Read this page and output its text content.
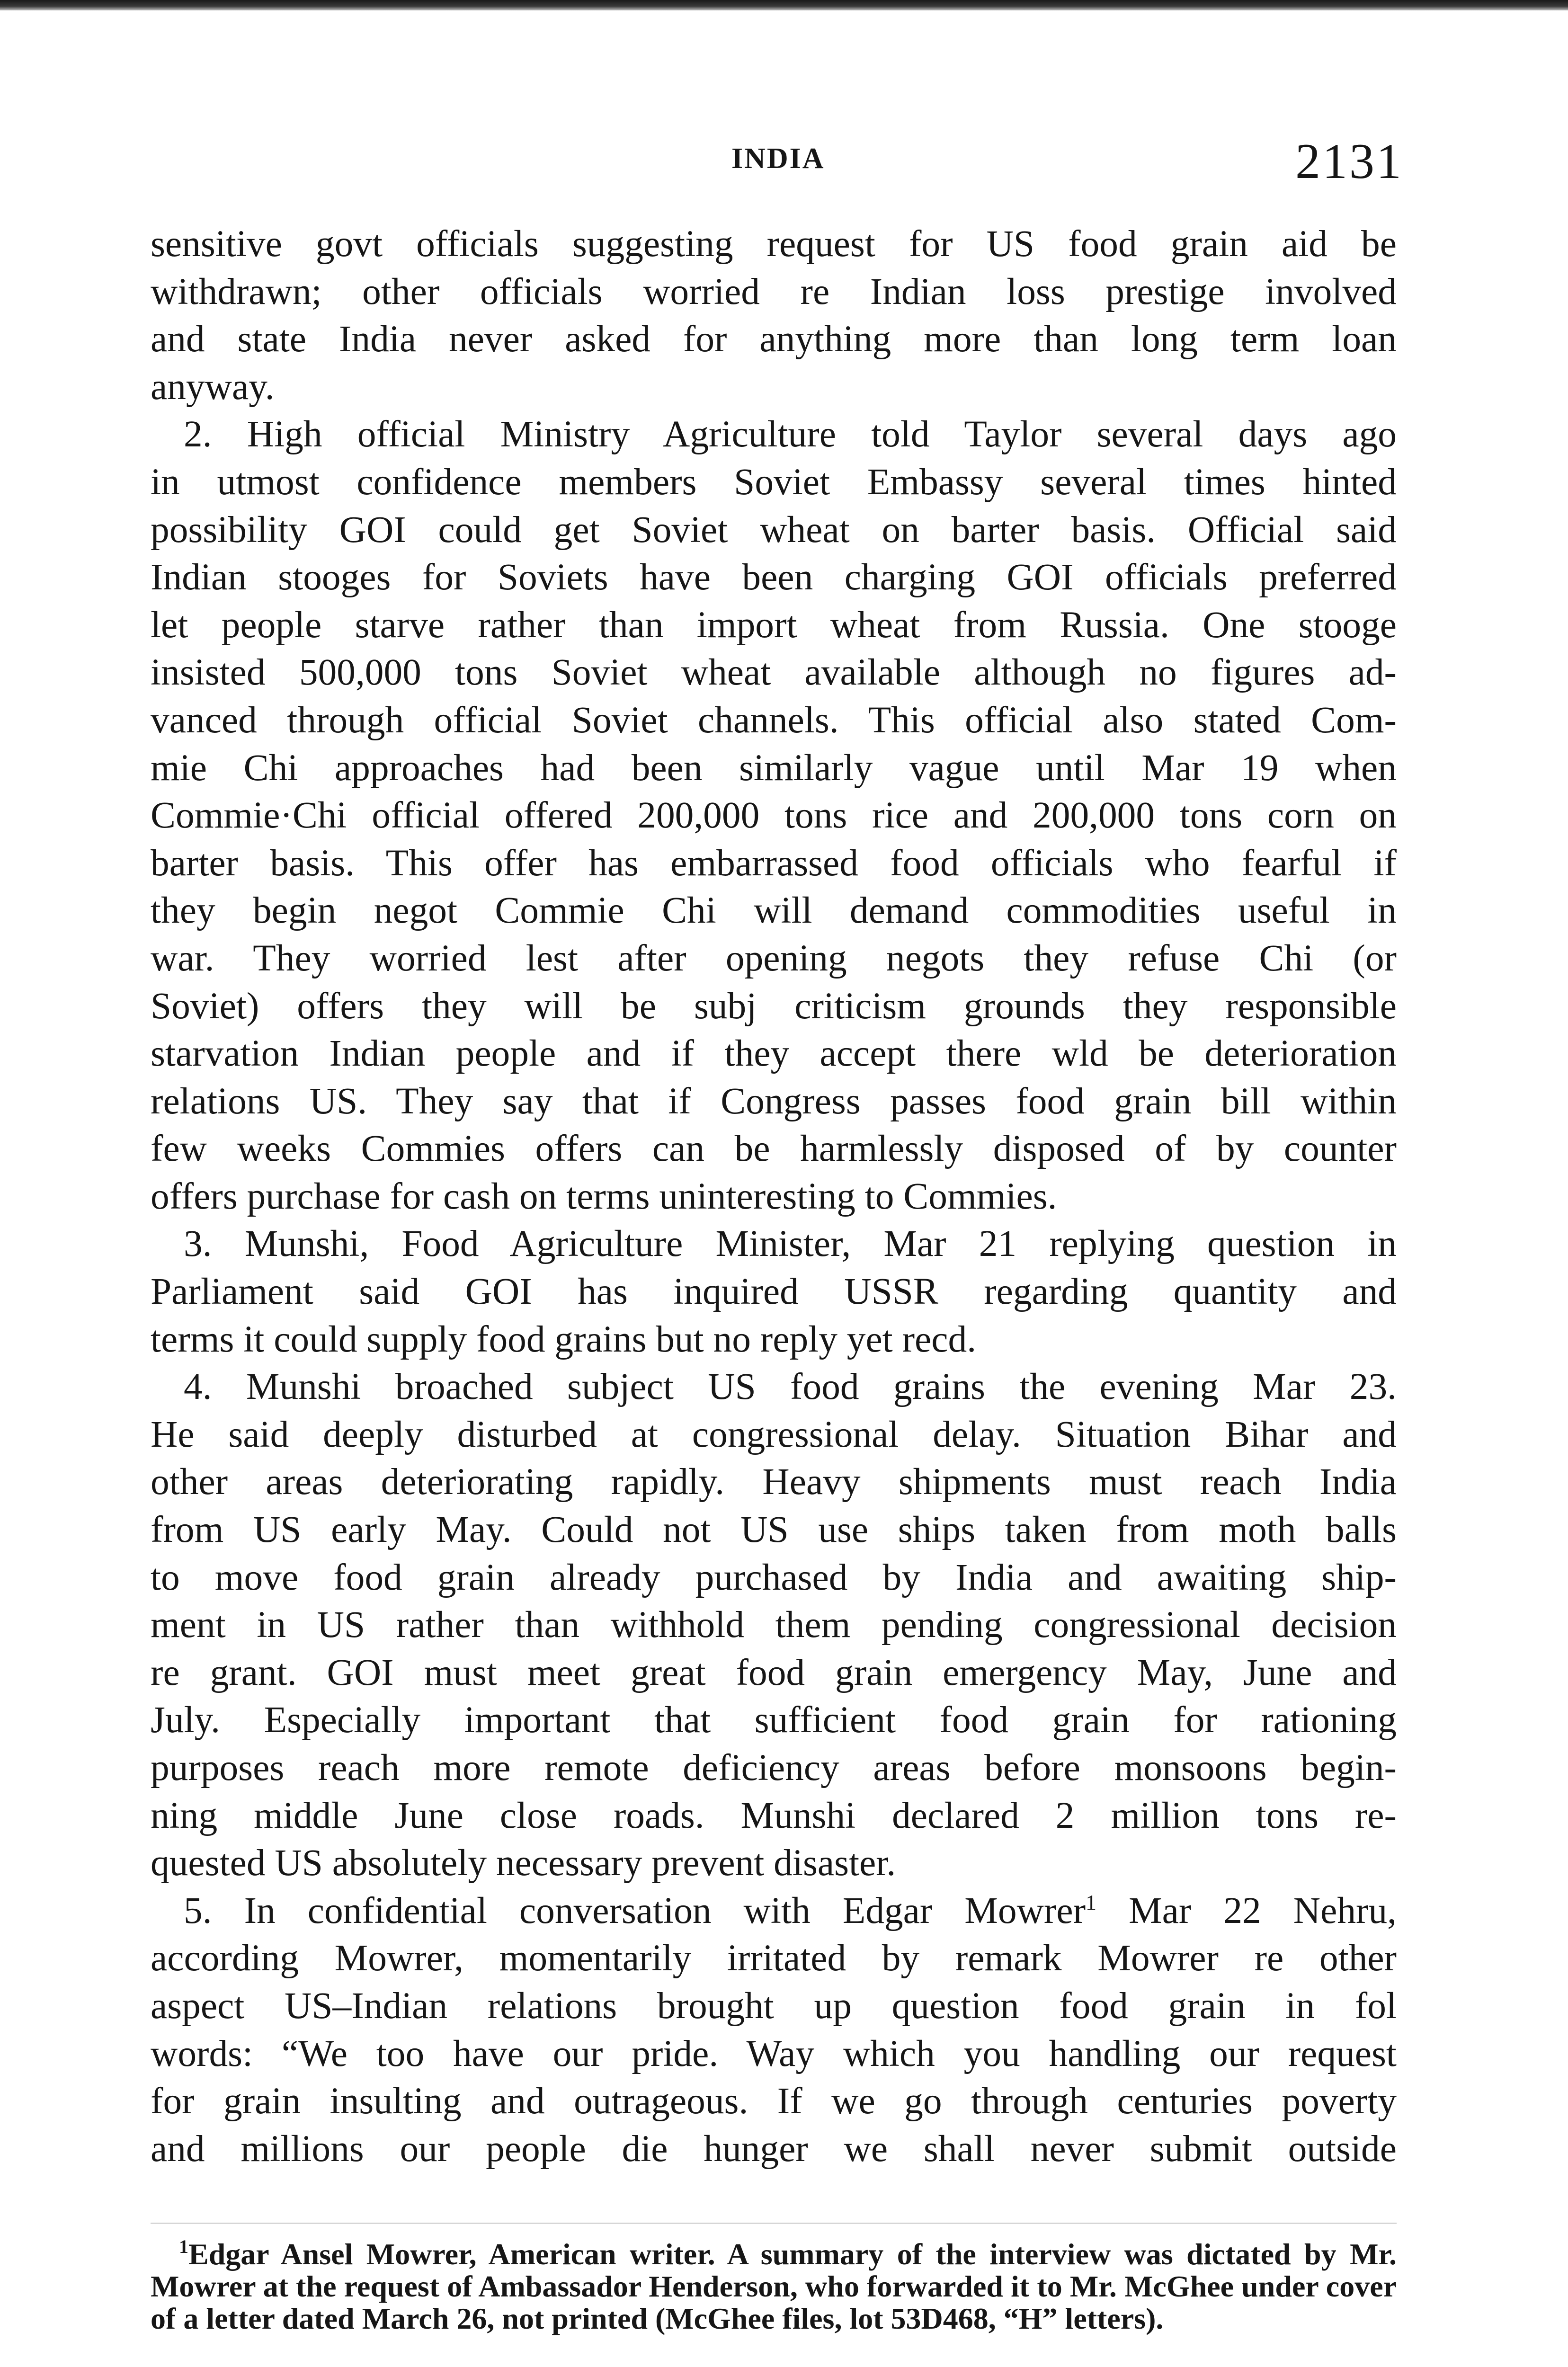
INDIA	2131

sensitive govt officials suggesting request for US food grain aid be

withdrawn; other officials worried re Indian loss prestige involved

and state India never asked for anything more than long term loan

anyway.

2. High official Ministry Agriculture told Taylor several days ago

in utmost confidence members Soviet Embassy several times hinted

possibility GOI could get Soviet wheat on barter basis. Official said

Indian stooges for Soviets have been charging GOI officials preferred

let people starve rather than import wheat from Russia. One stooge

insisted 500,000 tons Soviet wheat available although no figures ad-

vanced through official Soviet channels. This official also stated Com-

mie Chi approaches had been similarly vague until Mar 19 when

Commie·Chi official offered 200,000 tons rice and 200,000 tons corn on

barter basis. This offer has embarrassed food officials who fearful if

they begin negot Commie Chi will demand commodities useful in

war. They worried lest after opening negots they refuse Chi (or

Soviet) offers they will be subj criticism grounds they responsible

starvation Indian people and if they accept there wld be deterioration

relations US. They say that if Congress passes food grain bill within

few weeks Commies offers can be harmlessly disposed of by counter

offers purchase for cash on terms uninteresting to Commies.

3. Munshi, Food Agriculture Minister, Mar 21 replying question in

Parliament said GOI has inquired USSR regarding quantity and

terms it could supply food grains but no reply yet recd.

4. Munshi broached subject US food grains the evening Mar 23.

He said deeply disturbed at congressional delay. Situation Bihar and

other areas deteriorating rapidly. Heavy shipments must reach India

from US early May. Could not US use ships taken from moth balls

to move food grain already purchased by India and awaiting ship-

ment in US rather than withhold them pending congressional decision

re grant. GOI must meet great food grain emergency May, June and

July. Especially important that sufficient food grain for rationing

purposes reach more remote deficiency areas before monsoons begin-

ning middle June close roads. Munshi declared 2 million tons re-

quested US absolutely necessary prevent disaster.

5. In confidential conversation with Edgar Mowrer$^1$ Mar 22 Nehru,

according Mowrer, momentarily irritated by remark Mowrer re other

aspect US–Indian relations brought up question food grain in fol

words: “We too have our pride. Way which you handling our request

for grain insulting and outrageous. If we go through centuries poverty

and millions our people die hunger we shall never submit outside

$^1$Edgar Ansel Mowrer, American writer. A summary of the interview was dictated by Mr. Mowrer at the request of Ambassador Henderson, who forwarded it to Mr. McGhee under cover of a letter dated March 26, not printed (McGhee files, lot 53D468, “H” letters).
